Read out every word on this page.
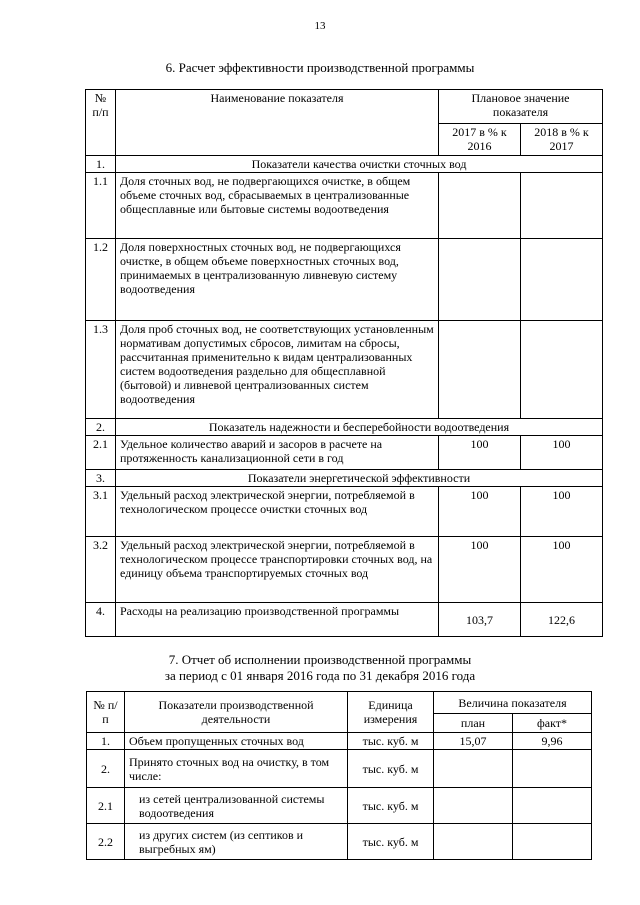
13
6. Расчет эффективности производственной программы
№ п/п	Наименование показателя	Плановое значение показателя	
		2017 в % к 2016	2018 в % к 2017
1.	Показатели качества очистки сточных вод		
1.1	Доля сточных вод, не подвергающихся очистке, в общем объеме сточных вод, сбрасываемых в централизованные общесплавные или бытовые системы водоотведения		
1.2	Доля поверхностных сточных вод, не подвергающихся очистке, в общем объеме поверхностных сточных вод, принимаемых в централизованную ливневую систему водоотведения		
1.3	Доля проб сточных вод, не соответствующих установленным нормативам допустимых сбросов, лимитам на сбросы, рассчитанная применительно к видам централизованных систем водоотведения раздельно для общесплавной (бытовой) и ливневой централизованных систем водоотведения		
2.	Показатель надежности и бесперебойности водоотведения		
2.1	Удельное количество аварий и засоров в расчете на протяженность канализационной сети в год	100	100
3.	Показатели энергетической эффективности		
3.1	Удельный расход электрической энергии, потребляемой в технологическом процессе очистки сточных вод	100	100
3.2	Удельный расход электрической энергии, потребляемой в технологическом процессе транспортировки сточных вод, на единицу объема транспортируемых сточных вод	100	100
4.	Расходы на реализацию производственной программы	103,7	122,6
7. Отчет об исполнении производственной программы
за период с 01 января 2016 года по 31 декабря 2016 года
№ п/п	Показатели производственной деятельности	Единица измерения	Величина показателя	
			план	факт*
1.	Объем пропущенных сточных вод	тыс. куб. м	15,07	9,96
2.	Принято сточных вод на очистку, в том числе:	тыс. куб. м		
2.1	из сетей централизованной системы водоотведения	тыс. куб. м		
2.2	из других систем (из септиков и выгребных ям)	тыс. куб. м		
